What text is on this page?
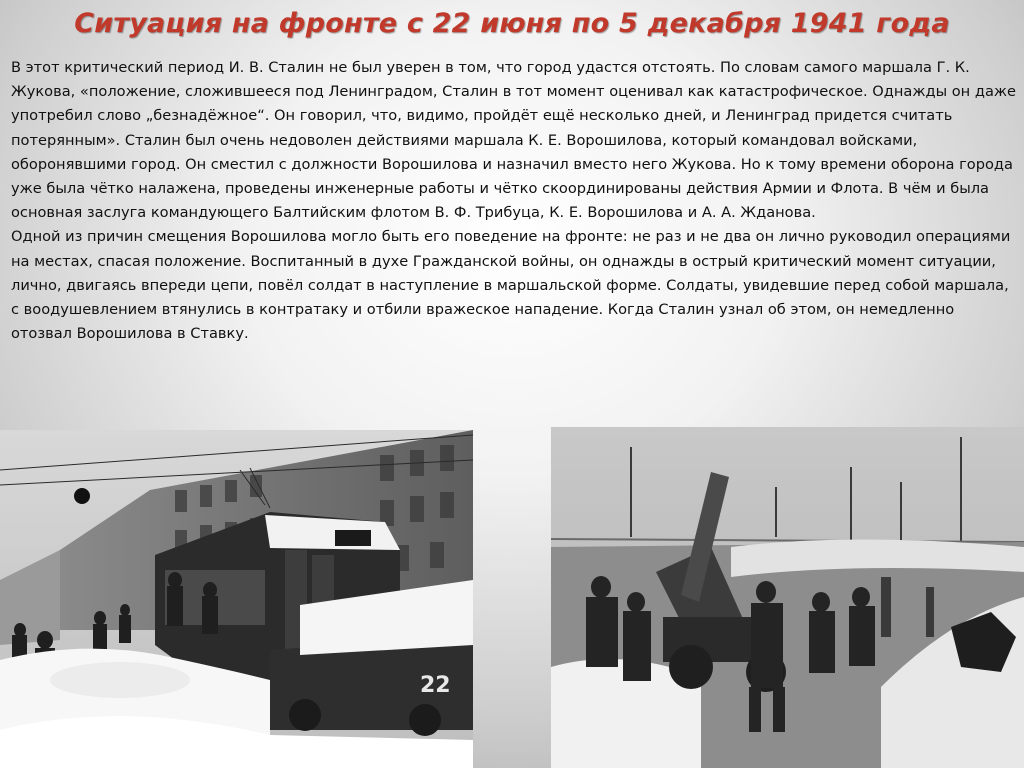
Ситуация на фронте с 22 июня по 5 декабря 1941 года

В этот критический период И. В. Сталин не был уверен в том, что город удастся отстоять. По словам самого маршала Г. К. Жукова, «положение, сложившееся под Ленинградом, Сталин в тот момент оценивал как катастрофическое. Однажды он даже употребил слово „безнадёжное“. Он говорил, что, видимо, пройдёт ещё несколько дней, и Ленинград придется считать потерянным». Сталин был очень недоволен действиями маршала К. Е. Ворошилова, который командовал войсками, оборонявшими город. Он сместил с должности Ворошилова и назначил вместо него Жукова. Но к тому времени оборона города уже была чётко налажена, проведены инженерные работы и чётко скоординированы действия Армии и Флота. В чём и была основная заслуга командующего Балтийским флотом В. Ф. Трибуца, К. Е. Ворошилова и А. А. Жданова.

Одной из причин смещения Ворошилова могло быть его поведение на фронте: не раз и не два он лично руководил операциями на местах, спасая положение. Воспитанный в духе Гражданской войны, он однажды в острый критический момент ситуации, лично, двигаясь впереди цепи, повёл солдат в наступление в маршальской форме. Солдаты, увидевшие перед собой маршала, с воодушевлением втянулись в контратаку и отбили вражеское нападение. Когда Сталин узнал об этом, он немедленно отозвал Ворошилова в Ставку.

22
